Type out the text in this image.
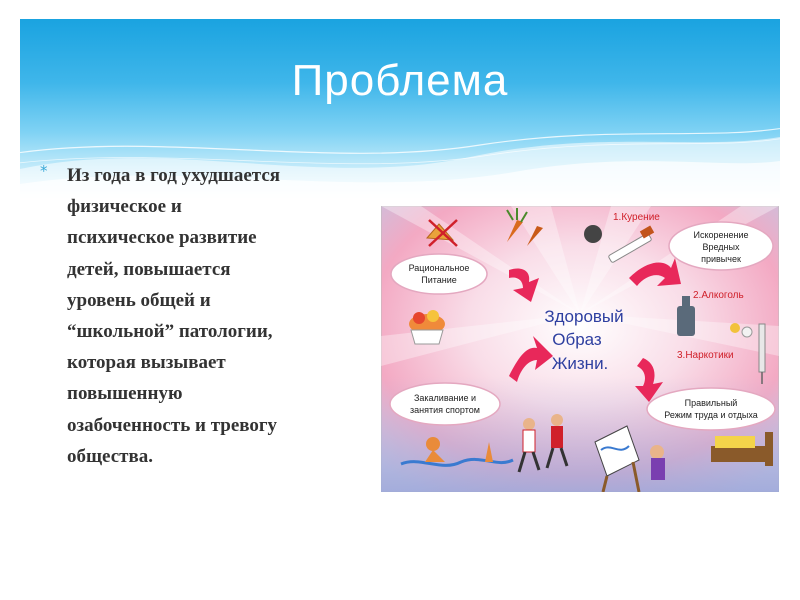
Проблема
* Из года в год ухудшается
физическое и
психическое развитие
детей, повышается
уровень общей и
“школьной” патологии,
которая вызывает
повышенную
озабоченность и тревогу
общества.

Здоровый
Образ
Жизни.
Рациональное
Питание
Закаливание и
занятия спортом
Искоренение
Вредных
привычек
Правильный
Режим труда и отдыха
1.Курение
2.Алкоголь
3.Наркотики
